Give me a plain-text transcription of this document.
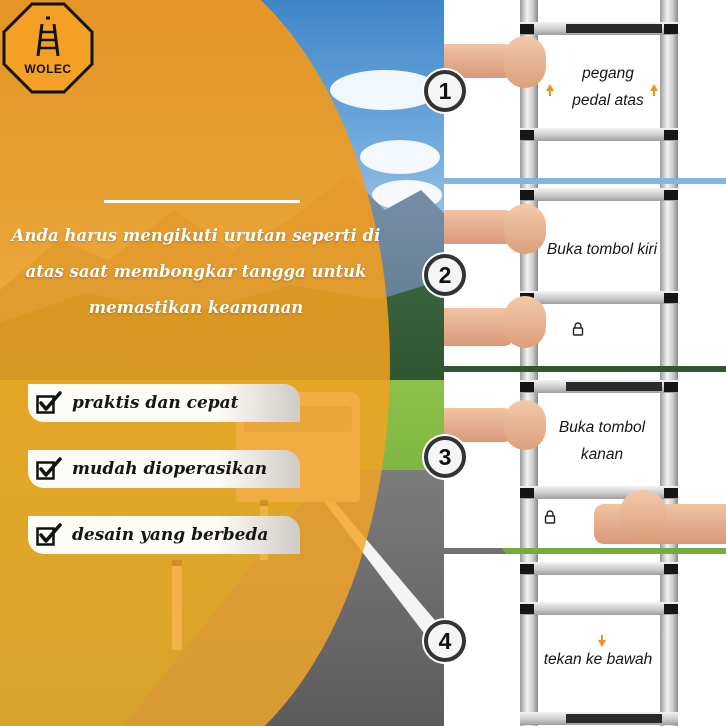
WOLEC
Anda harus mengikuti urutan seperti di
atas saat membongkar tangga untuk
memastikan keamanan
praktis dan cepat
mudah dioperasikan
desain yang berbeda
pegang
pedal atas
Buka tombol kiri
Buka tombol
kanan
tekan ke bawah
1
2
3
4
